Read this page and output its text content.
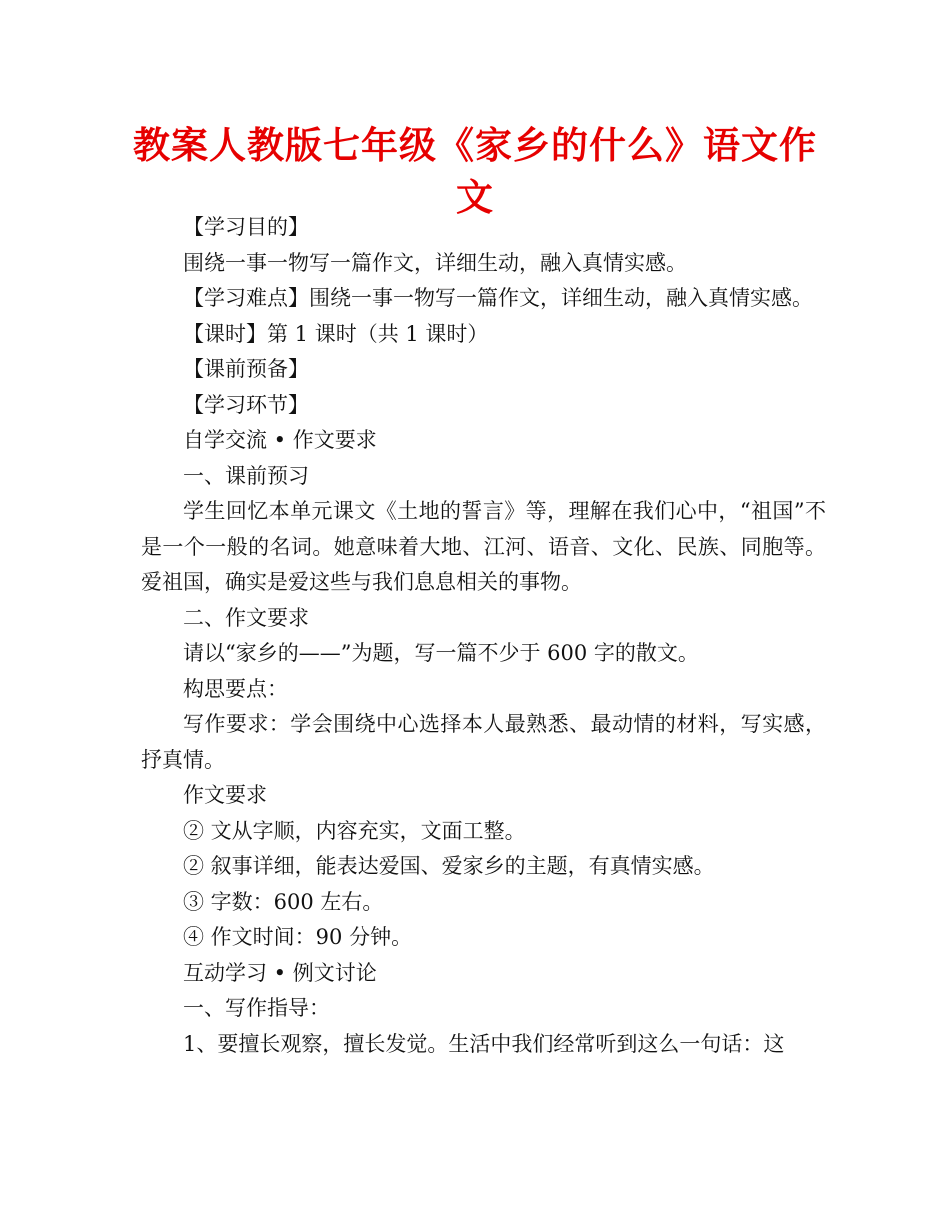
教案人教版七年级《家乡的什么》语文作文

【学习目的】

围绕一事一物写一篇作文，详细生动，融入真情实感。

【学习难点】围绕一事一物写一篇作文，详细生动，融入真情实感。

【课时】第 1 课时（共 1 课时）

【课前预备】

【学习环节】

自学交流 • 作文要求

一、课前预习

学生回忆本单元课文《土地的誓言》等，理解在我们心中，“祖国”不是一个一般的名词。她意味着大地、江河、语音、文化、民族、同胞等。爱祖国，确实是爱这些与我们息息相关的事物。

二、作文要求

请以“家乡的——”为题，写一篇不少于 600 字的散文。

构思要点：

写作要求：学会围绕中心选择本人最熟悉、最动情的材料，写实感，抒真情。

作文要求

② 文从字顺，内容充实，文面工整。

② 叙事详细，能表达爱国、爱家乡的主题，有真情实感。

③ 字数：600 左右。

④ 作文时间：90 分钟。

互动学习 • 例文讨论

一、写作指导：

1、要擅长观察，擅长发觉。生活中我们经常听到这么一句话：这
